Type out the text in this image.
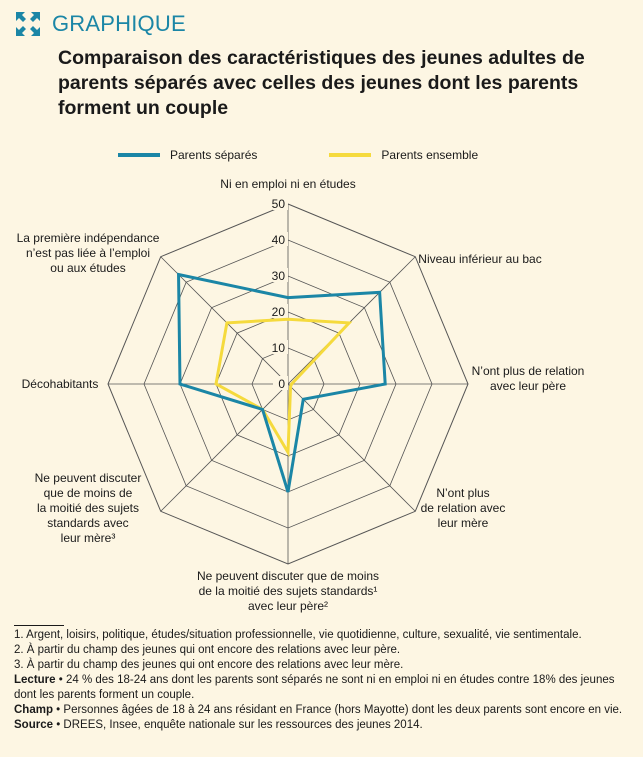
GRAPHIQUE
Comparaison des caractéristiques des jeunes adultes de parents séparés avec celles des jeunes dont les parents forment un couple
Parents séparés	Parents ensemble
0
10
20
30
40
50
Ni en emploi ni en études
Niveau inférieur au bac
N’ont plus de relation
avec leur père
N’ont plus
de relation avec
leur mère
Ne peuvent discuter que de moins
de la moitié des sujets standards¹
avec leur père²
Ne peuvent discuter
que de moins de
la moitié des sujets
standards avec
leur mère³
Décohabitants
La première indépendance
n’est pas liée à l’emploi
ou aux études
1. Argent, loisirs, politique, études/situation professionnelle, vie quotidienne, culture, sexualité, vie sentimentale.
2. À partir du champ des jeunes qui ont encore des relations avec leur père.
3. À partir du champ des jeunes qui ont encore des relations avec leur mère.
Lecture • 24 % des 18-24 ans dont les parents sont séparés ne sont ni en emploi ni en études contre 18% des jeunes dont les parents forment un couple.
Champ • Personnes âgées de 18 à 24 ans résidant en France (hors Mayotte) dont les deux parents sont encore en vie.
Source • DREES, Insee, enquête nationale sur les ressources des jeunes 2014.
